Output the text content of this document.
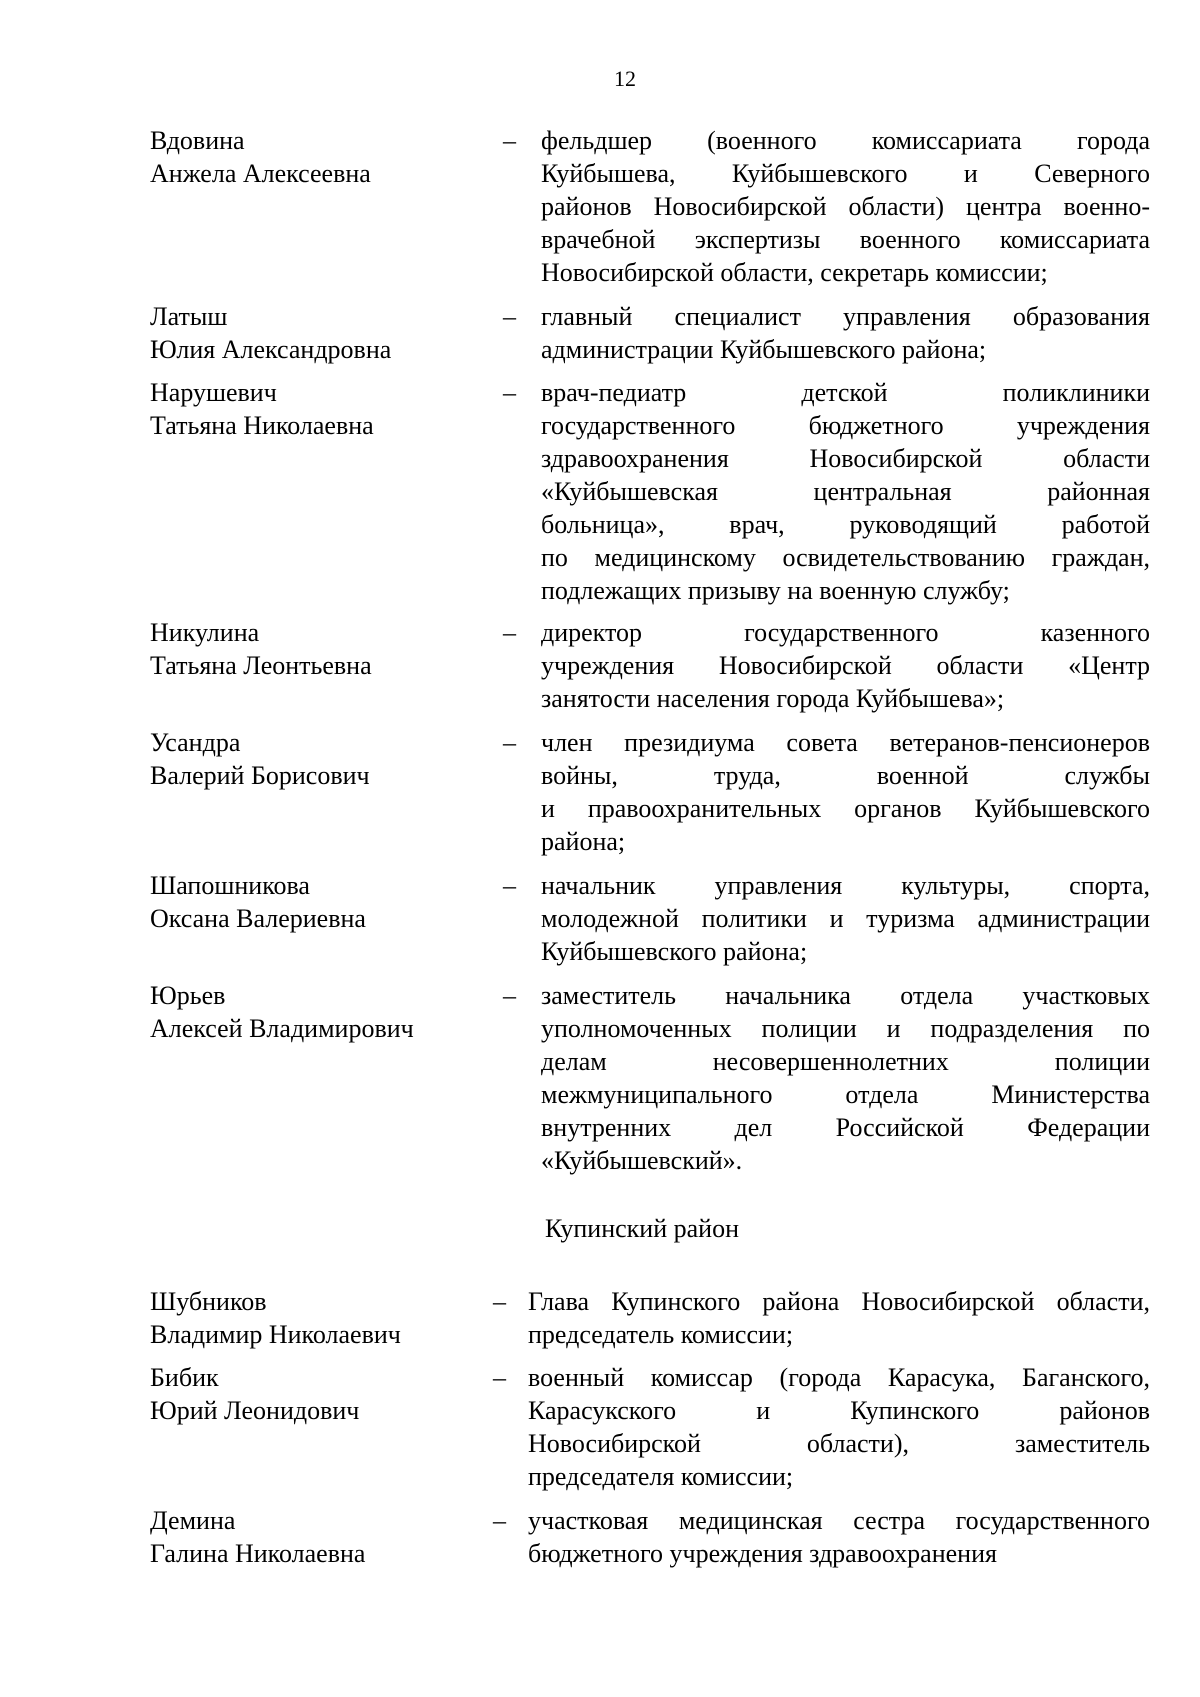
12
Вдовина
Анжела Алексеевна
– фельдшер (военного комиссариата города
Куйбышева, Куйбышевского и Северного
районов Новосибирской области) центра военно-
врачебной экспертизы военного комиссариата
Новосибирской области, секретарь комиссии;
Латыш
Юлия Александровна
– главный специалист управления образования
администрации Куйбышевского района;
Нарушевич
Татьяна Николаевна
– врач-педиатр детской поликлиники
государственного бюджетного учреждения
здравоохранения Новосибирской области
«Куйбышевская центральная районная
больница», врач, руководящий работой
по медицинскому освидетельствованию граждан,
подлежащих призыву на военную службу;
Никулина
Татьяна Леонтьевна
– директор государственного казенного
учреждения Новосибирской области «Центр
занятости населения города Куйбышева»;
Усандра
Валерий Борисович
– член президиума совета ветеранов-пенсионеров
войны, труда, военной службы
и правоохранительных органов Куйбышевского
района;
Шапошникова
Оксана Валериевна
– начальник управления культуры, спорта,
молодежной политики и туризма администрации
Куйбышевского района;
Юрьев
Алексей Владимирович
– заместитель начальника отдела участковых
уполномоченных полиции и подразделения по
делам несовершеннолетних полиции
межмуниципального отдела Министерства
внутренних дел Российской Федерации
«Куйбышевский».
Купинский район
Шубников
Владимир Николаевич
– Глава Купинского района Новосибирской области,
председатель комиссии;
Бибик
Юрий Леонидович
– военный комиссар (города Карасука, Баганского,
Карасукского и Купинского районов
Новосибирской области), заместитель
председателя комиссии;
Демина
Галина Николаевна
– участковая медицинская сестра государственного
бюджетного учреждения здравоохранения
